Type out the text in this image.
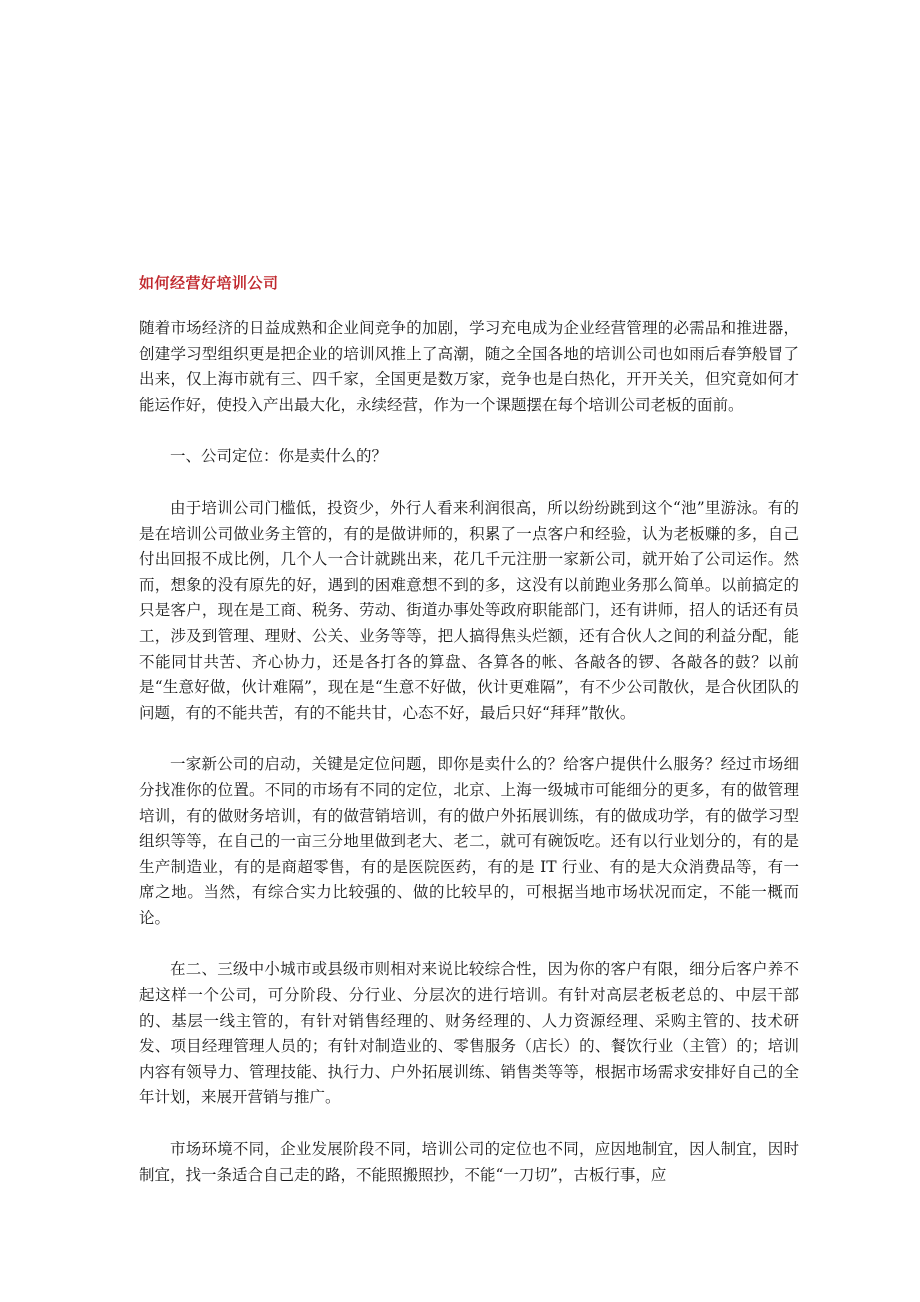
如何经营好培训公司

随着市场经济的日益成熟和企业间竞争的加剧，学习充电成为企业经营管理的必需品和推进器，创建学习型组织更是把企业的培训风推上了高潮，随之全国各地的培训公司也如雨后春笋般冒了出来，仅上海市就有三、四千家，全国更是数万家，竞争也是白热化，开开关关，但究竟如何才能运作好，使投入产出最大化，永续经营，作为一个课题摆在每个培训公司老板的面前。

一、公司定位：你是卖什么的？

由于培训公司门槛低，投资少，外行人看来利润很高，所以纷纷跳到这个“池”里游泳。有的是在培训公司做业务主管的，有的是做讲师的，积累了一点客户和经验，认为老板赚的多，自己付出回报不成比例，几个人一合计就跳出来，花几千元注册一家新公司，就开始了公司运作。然而，想象的没有原先的好，遇到的困难意想不到的多，这没有以前跑业务那么简单。以前搞定的只是客户，现在是工商、税务、劳动、街道办事处等政府职能部门，还有讲师，招人的话还有员工，涉及到管理、理财、公关、业务等等，把人搞得焦头烂额，还有合伙人之间的利益分配，能不能同甘共苦、齐心协力，还是各打各的算盘、各算各的帐、各敲各的锣、各敲各的鼓？以前是“生意好做，伙计难隔”，现在是“生意不好做，伙计更难隔”，有不少公司散伙，是合伙团队的问题，有的不能共苦，有的不能共甘，心态不好，最后只好“拜拜”散伙。

一家新公司的启动，关键是定位问题，即你是卖什么的？给客户提供什么服务？经过市场细分找准你的位置。不同的市场有不同的定位，北京、上海一级城市可能细分的更多，有的做管理培训，有的做财务培训，有的做营销培训，有的做户外拓展训练，有的做成功学，有的做学习型组织等等，在自己的一亩三分地里做到老大、老二，就可有碗饭吃。还有以行业划分的，有的是生产制造业，有的是商超零售，有的是医院医药，有的是 IT 行业、有的是大众消费品等，有一席之地。当然，有综合实力比较强的、做的比较早的，可根据当地市场状况而定，不能一概而论。

在二、三级中小城市或县级市则相对来说比较综合性，因为你的客户有限，细分后客户养不起这样一个公司，可分阶段、分行业、分层次的进行培训。有针对高层老板老总的、中层干部的、基层一线主管的，有针对销售经理的、财务经理的、人力资源经理、采购主管的、技术研发、项目经理管理人员的；有针对制造业的、零售服务（店长）的、餐饮行业（主管）的；培训内容有领导力、管理技能、执行力、户外拓展训练、销售类等等，根据市场需求安排好自己的全年计划，来展开营销与推广。

市场环境不同，企业发展阶段不同，培训公司的定位也不同，应因地制宜，因人制宜，因时制宜，找一条适合自己走的路，不能照搬照抄，不能“一刀切”，古板行事，应
